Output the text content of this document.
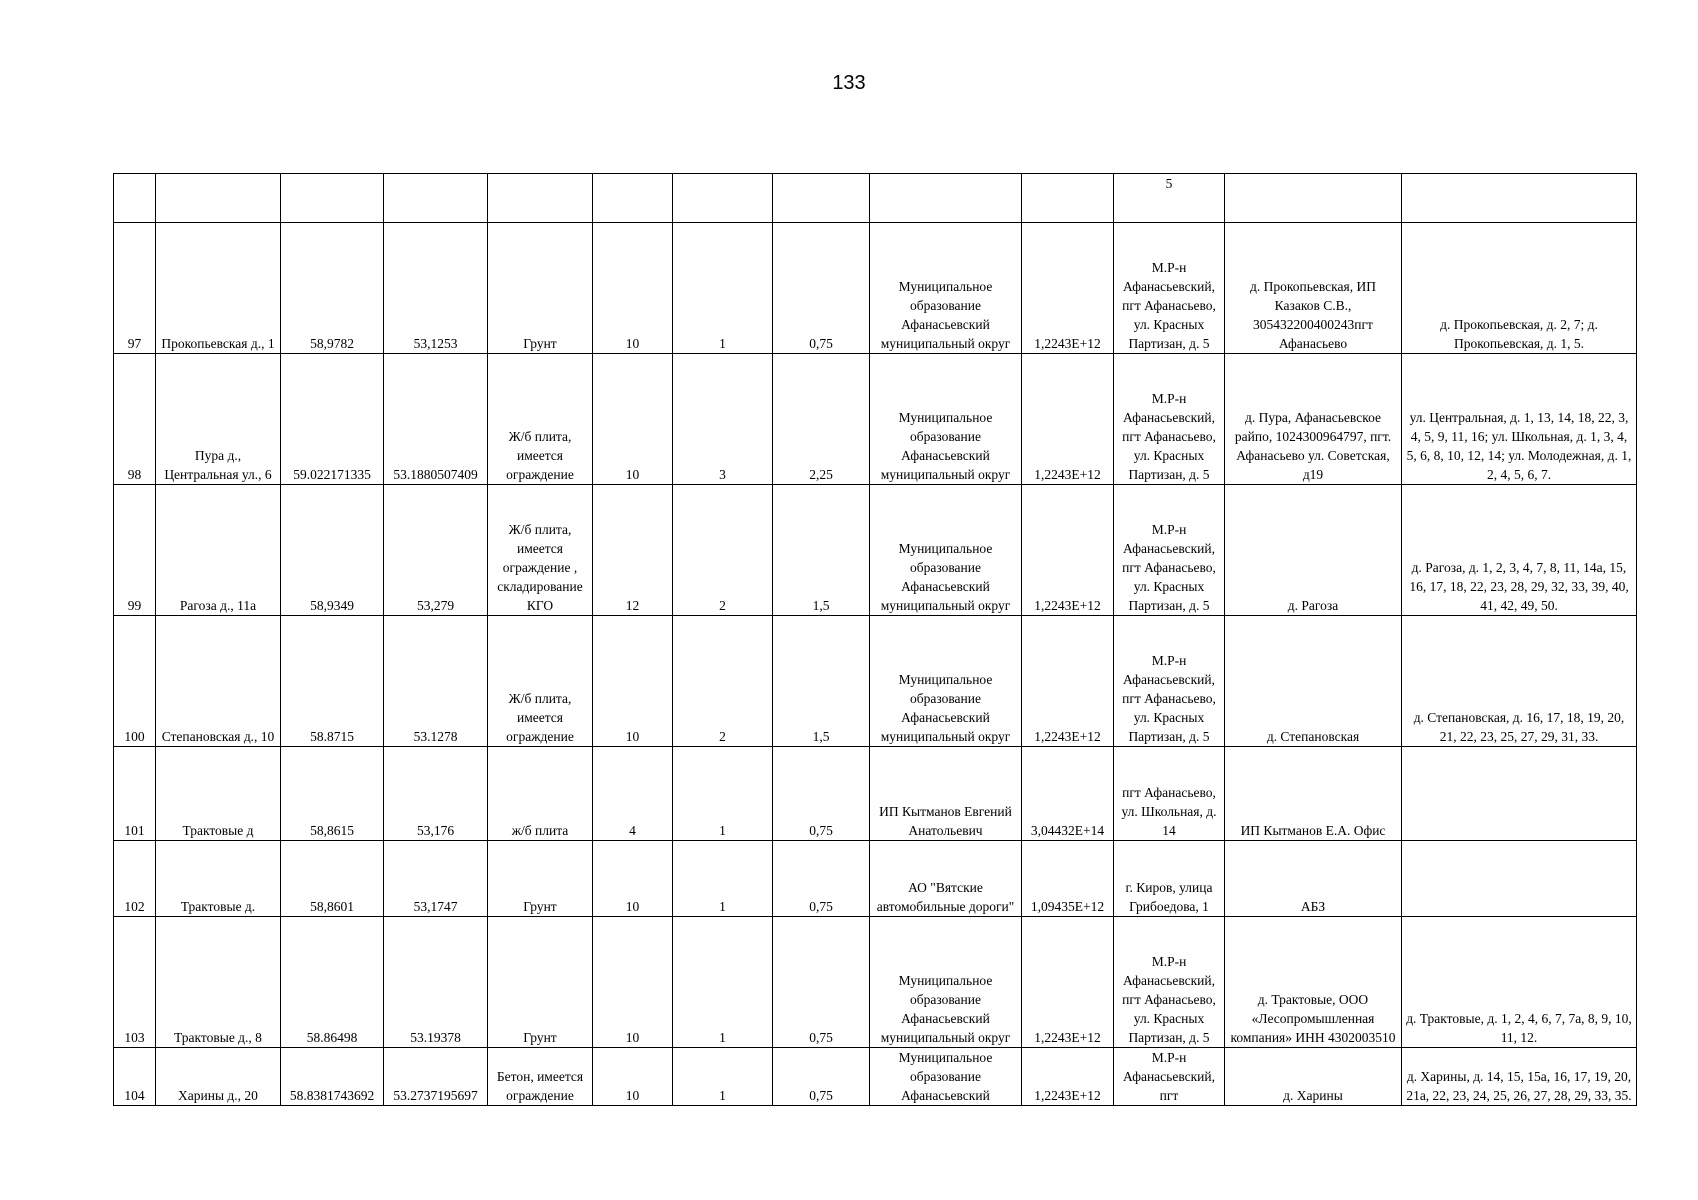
133
										5		
97	Прокопьевская д., 1	58,9782	53,1253	Грунт	10	1	0,75	Муниципальное образование Афанасьевский муниципальный округ	1,2243E+12	М.Р-н Афанасьевский, пгт Афанасьево, ул. Красных Партизан, д. 5	д. Прокопьевская, ИП Казаков С.В., 305432200400243пгт Афанасьево	д. Прокопьевская, д. 2, 7; д. Прокопьевская, д. 1, 5.
98	Пура д., Центральная ул., 6	59.022171335	53.1880507409	Ж/б плита, имеется ограждение	10	3	2,25	Муниципальное образование Афанасьевский муниципальный округ	1,2243E+12	М.Р-н Афанасьевский, пгт Афанасьево, ул. Красных Партизан, д. 5	д. Пура, Афанасьевское райпо, 1024300964797, пгт. Афанасьево ул. Советская, д19	ул. Центральная, д. 1, 13, 14, 18, 22, 3, 4, 5, 9, 11, 16; ул. Школьная, д. 1, 3, 4, 5, 6, 8, 10, 12, 14; ул. Молодежная, д. 1, 2, 4, 5, 6, 7.
99	Рагоза д., 11а	58,9349	53,279	Ж/б плита, имеется ограждение , складирование КГО	12	2	1,5	Муниципальное образование Афанасьевский муниципальный округ	1,2243E+12	М.Р-н Афанасьевский, пгт Афанасьево, ул. Красных Партизан, д. 5	д. Рагоза	д. Рагоза, д. 1, 2, 3, 4, 7, 8, 11, 14а, 15, 16, 17, 18, 22, 23, 28, 29, 32, 33, 39, 40, 41, 42, 49, 50.
100	Степановская д., 10	58.8715	53.1278	Ж/б плита, имеется ограждение	10	2	1,5	Муниципальное образование Афанасьевский муниципальный округ	1,2243E+12	М.Р-н Афанасьевский, пгт Афанасьево, ул. Красных Партизан, д. 5	д. Степановская	д. Степановская, д. 16, 17, 18, 19, 20, 21, 22, 23, 25, 27, 29, 31, 33.
101	Трактовые д	58,8615	53,176	ж/б плита	4	1	0,75	ИП Кытманов Евгений Анатольевич	3,04432E+14	пгт Афанасьево, ул. Школьная, д. 14	ИП Кытманов Е.А. Офис	
102	Трактовые д.	58,8601	53,1747	Грунт	10	1	0,75	АО "Вятские автомобильные дороги"	1,09435E+12	г. Киров, улица Грибоедова, 1	АБЗ	
103	Трактовые д., 8	58.86498	53.19378	Грунт	10	1	0,75	Муниципальное образование Афанасьевский муниципальный округ	1,2243E+12	М.Р-н Афанасьевский, пгт Афанасьево, ул. Красных Партизан, д. 5	д. Трактовые, ООО «Лесопромышленная компания» ИНН 4302003510	д. Трактовые, д. 1, 2, 4, 6, 7, 7а, 8, 9, 10, 11, 12.
104	Харины д., 20	58.8381743692	53.2737195697	Бетон, имеется ограждение	10	1	0,75	Муниципальное образование Афанасьевский	1,2243E+12	М.Р-н Афанасьевский, пгт	д. Харины	д. Харины, д. 14, 15, 15а, 16, 17, 19, 20, 21а, 22, 23, 24, 25, 26, 27, 28, 29, 33, 35.
